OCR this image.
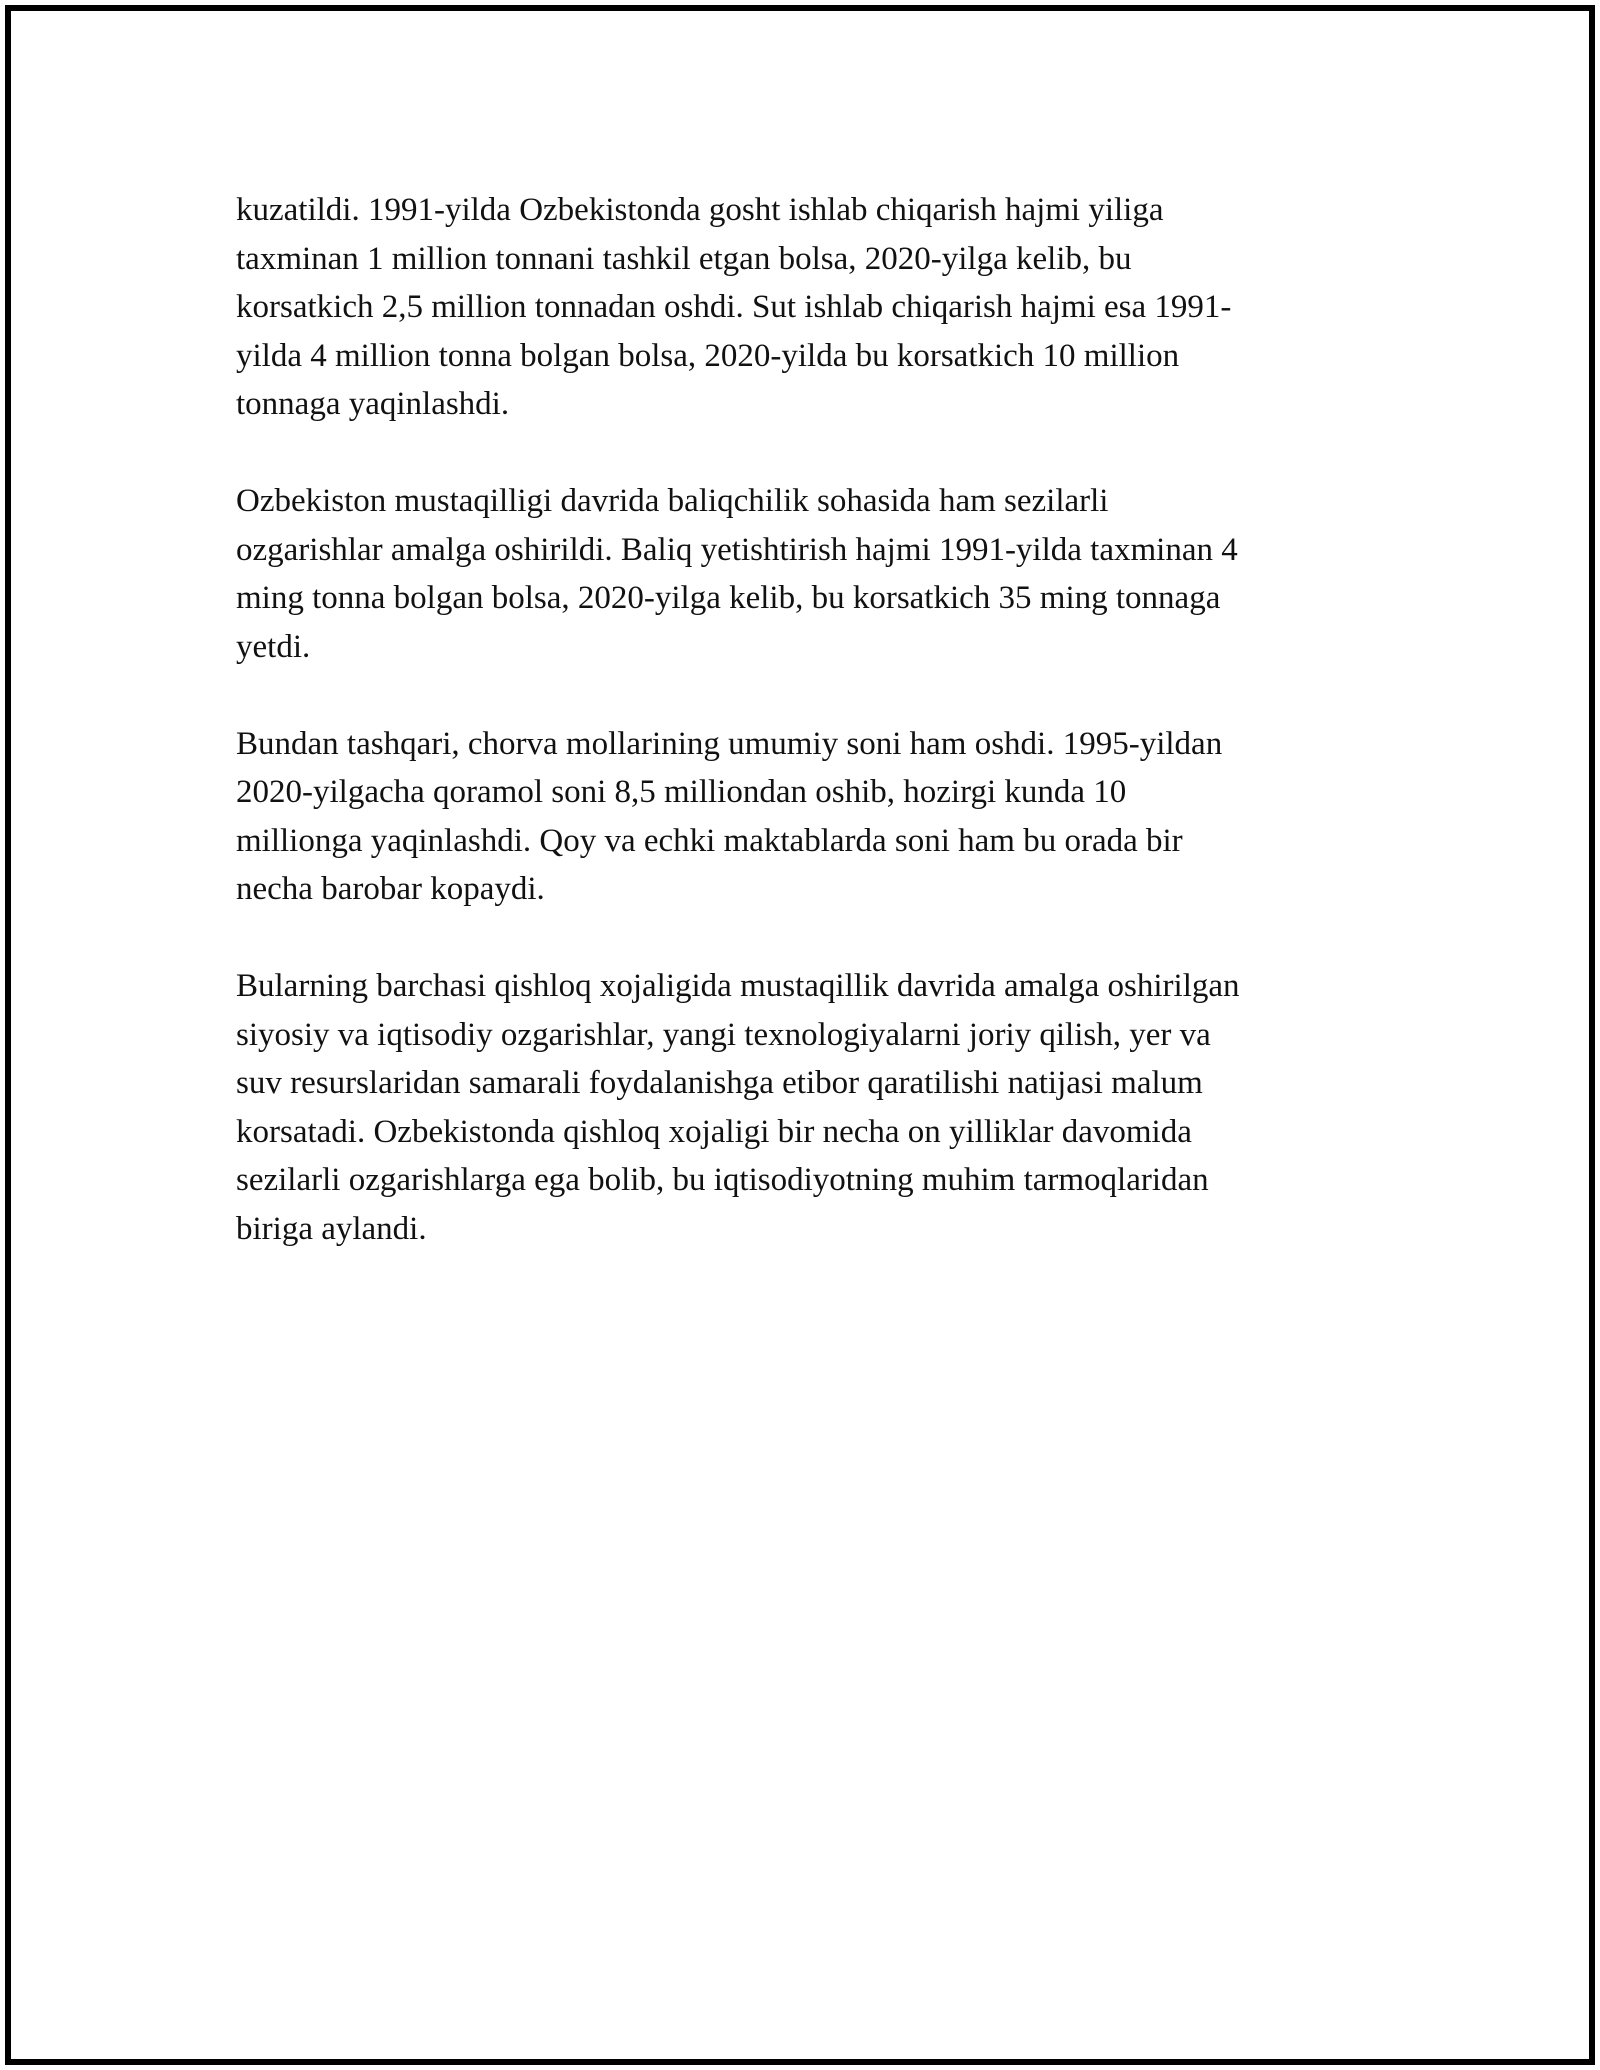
kuzatildi. 1991-yilda Ozbekistonda gosht ishlab chiqarish hajmi yiliga
taxminan 1 million tonnani tashkil etgan bolsa, 2020-yilga kelib, bu
korsatkich 2,5 million tonnadan oshdi. Sut ishlab chiqarish hajmi esa 1991-
yilda 4 million tonna bolgan bolsa, 2020-yilda bu korsatkich 10 million
tonnaga yaqinlashdi.

Ozbekiston mustaqilligi davrida baliqchilik sohasida ham sezilarli
ozgarishlar amalga oshirildi. Baliq yetishtirish hajmi 1991-yilda taxminan 4
ming tonna bolgan bolsa, 2020-yilga kelib, bu korsatkich 35 ming tonnaga
yetdi.

Bundan tashqari, chorva mollarining umumiy soni ham oshdi. 1995-yildan
2020-yilgacha qoramol soni 8,5 milliondan oshib, hozirgi kunda 10
millionga yaqinlashdi. Qoy va echki maktablarda soni ham bu orada bir
necha barobar kopaydi.

Bularning barchasi qishloq xojaligida mustaqillik davrida amalga oshirilgan
siyosiy va iqtisodiy ozgarishlar, yangi texnologiyalarni joriy qilish, yer va
suv resurslaridan samarali foydalanishga etibor qaratilishi natijasi malum
korsatadi. Ozbekistonda qishloq xojaligi bir necha on yilliklar davomida
sezilarli ozgarishlarga ega bolib, bu iqtisodiyotning muhim tarmoqlaridan
biriga aylandi.
